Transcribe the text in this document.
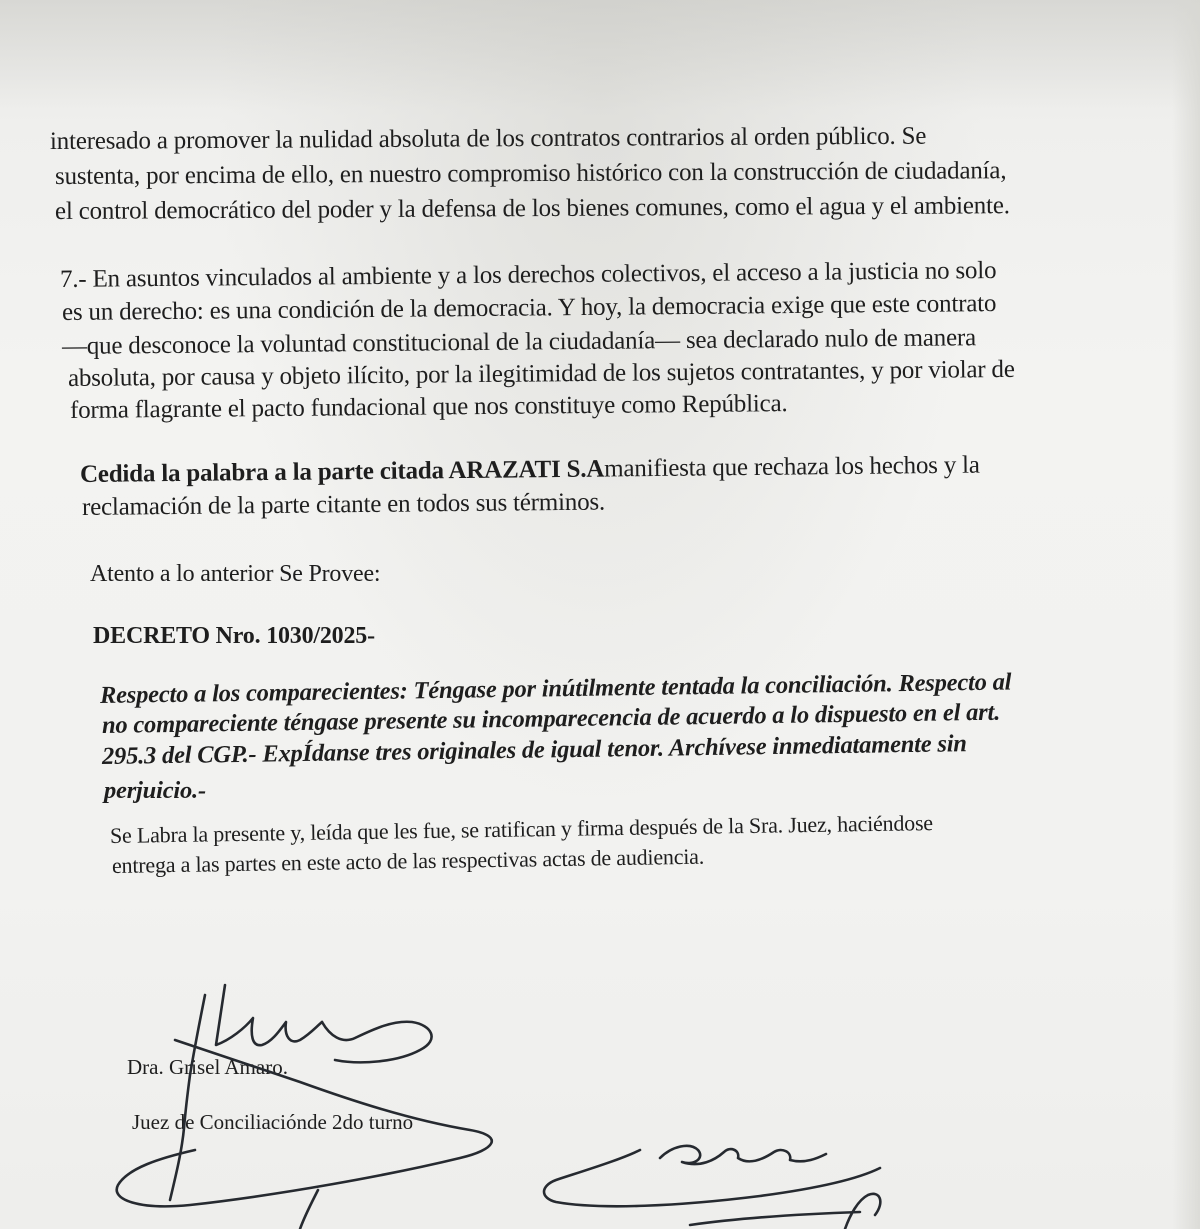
interesado a promover la nulidad absoluta de los contratos contrarios al orden público. Se
sustenta, por encima de ello, en nuestro compromiso histórico con la construcción de ciudadanía,
el control democrático del poder y la defensa de los bienes comunes, como el agua y el ambiente.
7.- En asuntos vinculados al ambiente y a los derechos colectivos, el acceso a la justicia no solo
es un derecho: es una condición de la democracia. Y hoy, la democracia exige que este contrato
—que desconoce la voluntad constitucional de la ciudadanía— sea declarado nulo de manera
absoluta, por causa y objeto ilícito, por la ilegitimidad de los sujetos contratantes, y por violar de
forma flagrante el pacto fundacional que nos constituye como República.
Cedida la palabra a la parte citada ARAZATI S.Amanifiesta que rechaza los hechos y la
reclamación de la parte citante en todos sus términos.
Atento a lo anterior Se Provee:
DECRETO Nro. 1030/2025-
Respecto a los comparecientes: Téngase por inútilmente tentada la conciliación. Respecto al
no compareciente téngase presente su incomparecencia de acuerdo a lo dispuesto en el art.
295.3 del CGP.- ExpÍdanse tres originales de igual tenor. Archívese inmediatamente sin
perjuicio.-
Se Labra la presente y, leída que les fue, se ratifican y firma después de la Sra. Juez, haciéndose
entrega a las partes en este acto de las respectivas actas de audiencia.
Dra. Grisel Amaro.
Juez de Conciliaciónde 2do turno
